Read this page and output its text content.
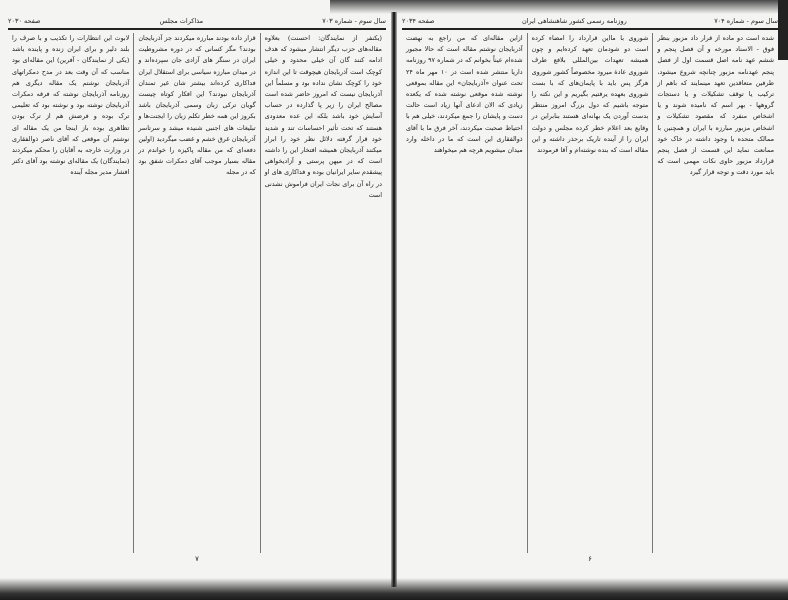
سال سوم - شماره ۷۰۳
مذاکرات مجلس
صفحه ۲۰۳۰
(یکنفر از نمایندگان: احسنت) بعلاوه مقاله‌های حزب دیگر انتشار میشود که هدف ادامه کنند گان آن خیلی محدود و خیلی کوچک است آذربایجان هیچوقت تا این اندازه خود را کوچک نشان نداده بود و مسلماً این آذربایجان نیست که امروز حاضر شده است مصالح ایران را زیر پا گذارده در حساب آسایش خود باشد بلکه این عده معدودی هستند که تحت تأثیر احساسات تند و شدید خود قرار گرفته دلائل نظر خود را ابراز میکنند آذربایجان همیشه افتخار این را داشته است که در میهن پرستی و آزادیخواهی پیشقدم سایر ایرانیان بوده و فداکاری های او در راه آن برای نجات ایران فراموش نشدنی است
قرار داده بودند مبارزه میکردند جز آذربایجان بودند؟ مگر کسانی که در دوره مشروطیت ایران در سنگر های آزادی جان سپرده‌اند و در میدان مبارزه سیاسی برای استقلال ایران فداکاری کرده‌اند بیشتر شان غیر تمندان آذربایجان نبودند؟ این افکار کوتاه چیست گویان ترکی زبان وسمی آذربایجان باشد بکروز این همه خطر تکلم زبان را ایجنت‌ها و تبلیغات های اجنبی شنیده میشد و سرتاسر آذربایجان غرق خشم و غضب میگردید (اولین دفعه‌ای که من مقاله پاکیزه را خواندم در مقاله بسیار موجب آقای دمکرات شفق بود که در مجله
لابوت این انتظارات را تکذیب و با صرف را بلند دلیر و برای ایران زنده و پاینده باشد (یکی از نمایندگان - آفرین) این مقاله‌ای بود مناسب که آن وقت بعد در مدح دمکراتهای آذربایجان نوشتم یک مقاله دیگری هم روزنامه آذربایجان نوشته که فرقه دمکرات آذربایجان نوشته بود و نوشته بود که تعلیمی ترک بوده و فرضش هم از ترک بودن تظاهری بوده باز اینجا من یک مقاله ای نوشتم آن موقعی که آقای ناصر ذوالفقاری در وزارت خارجه به آقایان را محکم میکردند (نمایندگان) یک مقاله‌ای نوشته بود آقای دکتر افشار مدیر مجله آینده
۷
سال سوم - شماره ۷۰۴
روزنامه رسمی کشور شاهنشاهی ایران
صفحه ۲۰۳۴
شده است دو ماده از قرار داد مزبور بنظر فوق - الاسناد مورخه و آن فصل پنجم و ششم عهد نامه اصل قسمت اول از فصل پنجم عهدنامه مزبور چنانچه شروع میشود، طرفین متعاقدین تعهد مینمایند که باهم از ترکیب یا توقف تشکیلات و یا دستجات گروهها - بهر اسم که نامیده شوند و یا اشخاص منفرد که مقصود تشکیلات و اشخاص مزبور مبارزه با ایران و همچنین با ممالک متحده با وجود داشته در خاک خود ممانعت نماید این قسمت از فصل پنجم قرارداد مزبور حاوی نکات مهمی است که باید مورد دقت و توجه قرار گیرد
شوروی با مااین قرارداد را امضاء کرده است دو شودمان تعهد کرده‌ایم و چون همیشه تعهدات بین‌المللی بلافع طرف شوروی عادة میرود مخصوصاً کشور شوروی هرگز پس باید با پایمان‌های که با بست شوروی بعهده یرفتیم بگیریم و این نکته را متوجه باشیم که دول بزرگ امروز منتظر بدست آوردن یک بهانه‌ای هستند بنابراین در وقایع بعد اعلام خطر کرده مجلس و دولت ایران را از آینده تاریک برحذر داشته و این مقاله است که بنده نوشته‌ام و آقا فرمودند
ازاین مقاله‌ای که من راجع به نهضت آذربایجان نوشتم مقاله است که حالا مجبور شده‌ام عیناً بخوانم که در شماره ۹۷ روزنامه داریا منتشر شده است در ۱۰ مهر ماه ۲۴ تحت عنوان «آذربایجان» این مقاله بموقعی نوشته شده موقعی نوشته شده که یکعده زیادی که الان ادعای آنها زیاد است حالت دست و پایشان را جمع میکردند، خیلی هم با احتیاط صحبت میکردند، آخر فرق ما با آقای ذوالفقاری این است که ما در داخله وارد میدان میشویم هرچه هم میخواهند
۶
